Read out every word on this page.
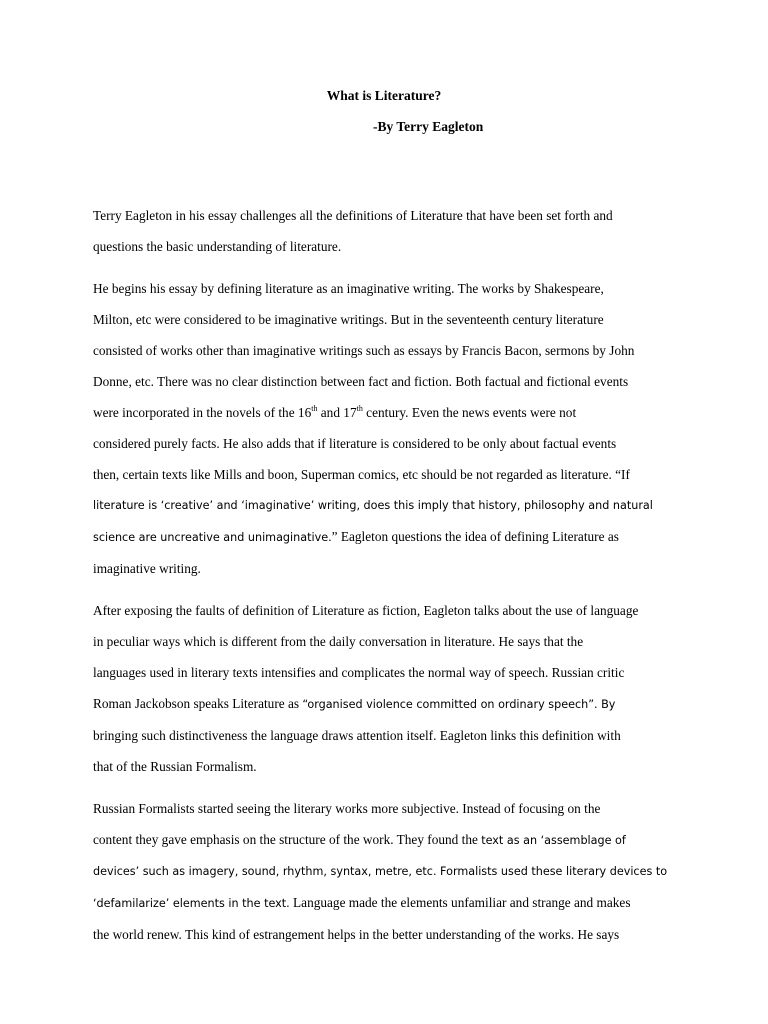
What is Literature?
-By Terry Eagleton

Terry Eagleton in his essay challenges all the definitions of Literature that have been set forth and
questions the basic understanding of literature.

He begins his essay by defining literature as an imaginative writing. The works by Shakespeare,
Milton, etc were considered to be imaginative writings. But in the seventeenth century literature
consisted of works other than imaginative writings such as essays by Francis Bacon, sermons by John
Donne, etc. There was no clear distinction between fact and fiction. Both factual and fictional events
were incorporated in the novels of the 16th and 17th century. Even the news events were not
considered purely facts. He also adds that if literature is considered to be only about factual events
then, certain texts like Mills and boon, Superman comics, etc should be not regarded as literature. “If
literature is ‘creative’ and ‘imaginative’ writing, does this imply that history, philosophy and natural
science are uncreative and unimaginative.” Eagleton questions the idea of defining Literature as
imaginative writing.

After exposing the faults of definition of Literature as fiction, Eagleton talks about the use of language
in peculiar ways which is different from the daily conversation in literature. He says that the
languages used in literary texts intensifies and complicates the normal way of speech. Russian critic
Roman Jackobson speaks Literature as “organised violence committed on ordinary speech”. By
bringing such distinctiveness the language draws attention itself. Eagleton links this definition with
that of the Russian Formalism.

Russian Formalists started seeing the literary works more subjective. Instead of focusing on the
content they gave emphasis on the structure of the work. They found the text as an ‘assemblage of
devices’ such as imagery, sound, rhythm, syntax, metre, etc. Formalists used these literary devices to
‘defamilarize’ elements in the text. Language made the elements unfamiliar and strange and makes
the world renew. This kind of estrangement helps in the better understanding of the works. He says
